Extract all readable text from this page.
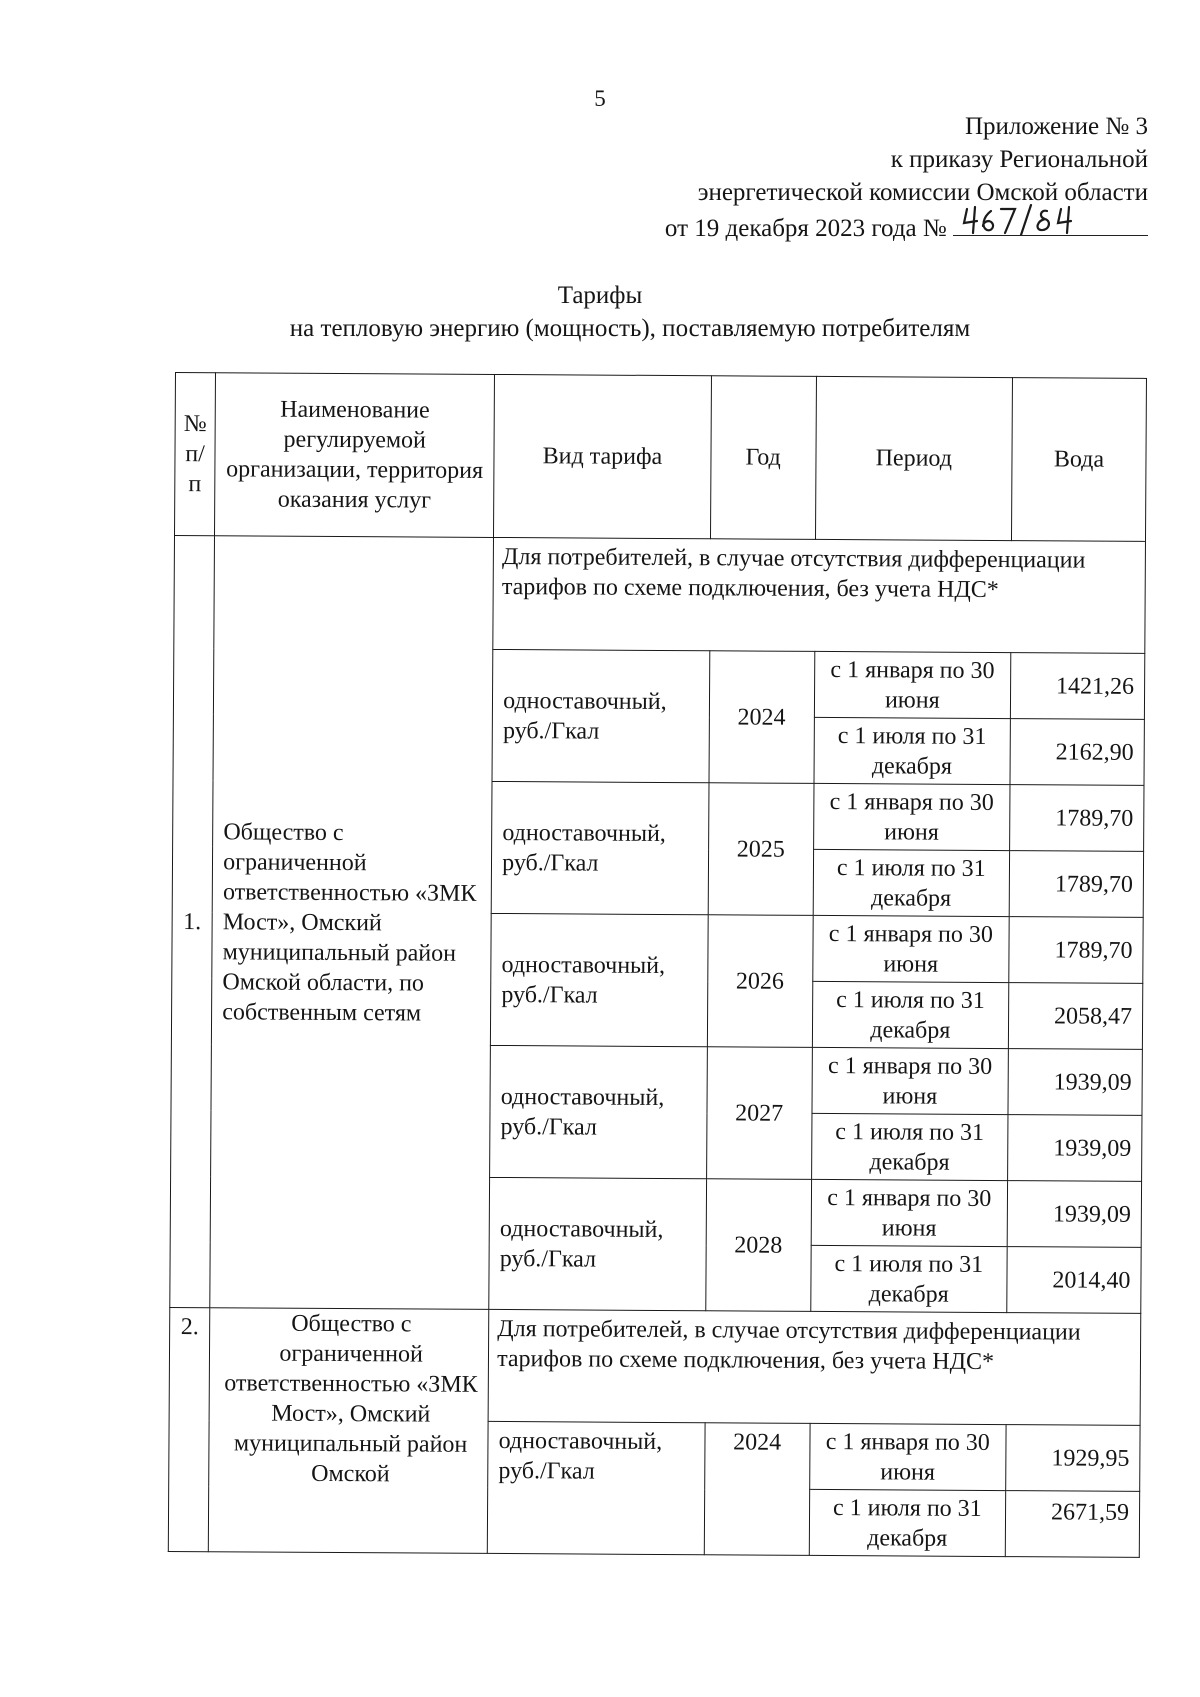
5
Приложение № 3
к приказу Региональной
энергетической комиссии Омской области
от 19 декабря 2023 года №
Тарифы
на тепловую энергию (мощность), поставляемую потребителям
№ п/п	Наименование регулируемой организации, территория оказания услуг	Вид тарифа	Год	Период	Вода
1.	Общество с ограниченной ответственностью «ЗМК Мост», Омский муниципальный район Омской области, по собственным сетям	Для потребителей, в случае отсутствия дифференциации тарифов по схеме подключения, без учета НДС*			
		одноставочный, руб./Гкал	2024	с 1 января по 30 июня	1421,26
				с 1 июля по 31 декабря	2162,90
		одноставочный, руб./Гкал	2025	с 1 января по 30 июня	1789,70
				с 1 июля по 31 декабря	1789,70
		одноставочный, руб./Гкал	2026	с 1 января по 30 июня	1789,70
				с 1 июля по 31 декабря	2058,47
		одноставочный, руб./Гкал	2027	с 1 января по 30 июня	1939,09
				с 1 июля по 31 декабря	1939,09
		одноставочный, руб./Гкал	2028	с 1 января по 30 июня	1939,09
				с 1 июля по 31 декабря	2014,40
2.	Общество с ограниченной ответственностью «ЗМК Мост», Омский муниципальный район Омской	Для потребителей, в случае отсутствия дифференциации тарифов по схеме подключения, без учета НДС*			
		одноставочный, руб./Гкал	2024	с 1 января по 30 июня	1929,95
				с 1 июля по 31 декабря	2671,59
